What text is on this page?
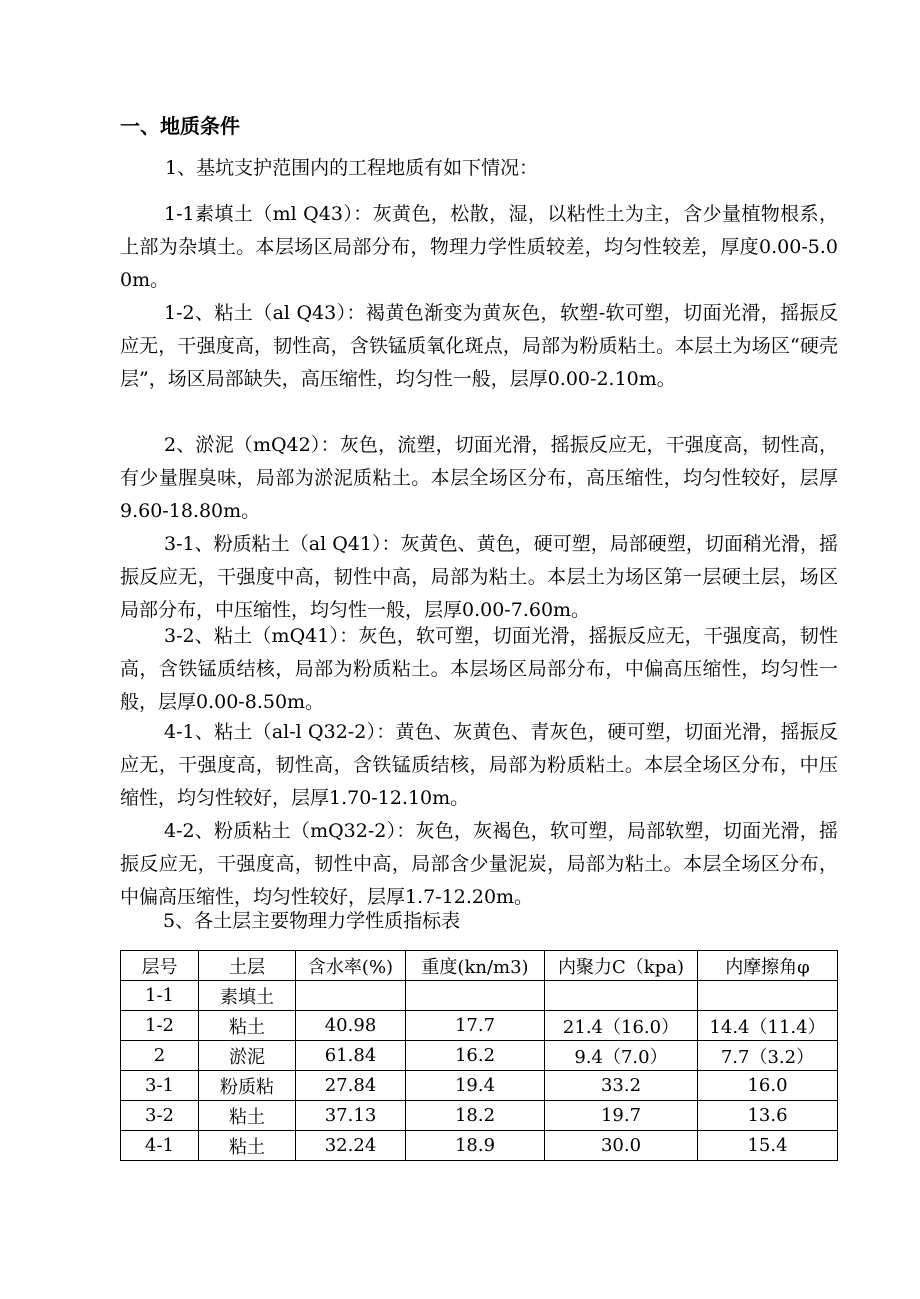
一、地质条件
1、基坑支护范围内的工程地质有如下情况：
1-1素填土（ml Q43）：灰黄色，松散，湿，以粘性土为主，含少量植物根系，上部为杂填土。本层场区局部分布，物理力学性质较差，均匀性较差，厚度0.00-5.00m。
1-2、粘土（al Q43）：褐黄色渐变为黄灰色，软塑-软可塑，切面光滑，摇振反应无，干强度高，韧性高，含铁锰质氧化斑点，局部为粉质粘土。本层土为场区“硬壳层”，场区局部缺失，高压缩性，均匀性一般，层厚0.00-2.10m。
2、淤泥（mQ42）：灰色，流塑，切面光滑，摇振反应无，干强度高，韧性高，有少量腥臭味，局部为淤泥质粘土。本层全场区分布，高压缩性，均匀性较好，层厚9.60-18.80m。
3-1、粉质粘土（al Q41）：灰黄色、黄色，硬可塑，局部硬塑，切面稍光滑，摇振反应无，干强度中高，韧性中高，局部为粘土。本层土为场区第一层硬土层，场区局部分布，中压缩性，均匀性一般，层厚0.00-7.60m。
3-2、粘土（mQ41）：灰色，软可塑，切面光滑，摇振反应无，干强度高，韧性高，含铁锰质结核，局部为粉质粘土。本层场区局部分布，中偏高压缩性，均匀性一般，层厚0.00-8.50m。
4-1、粘土（al-l Q32-2）：黄色、灰黄色、青灰色，硬可塑，切面光滑，摇振反应无，干强度高，韧性高，含铁锰质结核，局部为粉质粘土。本层全场区分布，中压缩性，均匀性较好，层厚1.70-12.10m。
4-2、粉质粘土（mQ32-2）：灰色，灰褐色，软可塑，局部软塑，切面光滑，摇振反应无，干强度高，韧性中高，局部含少量泥炭，局部为粘土。本层全场区分布，中偏高压缩性，均匀性较好，层厚1.7-12.20m。
5、各土层主要物理力学性质指标表
层号	土层	含水率(%)	重度(kn/m3)	内聚力C（kpa)	内摩擦角φ
1-1	素填土				
1-2	粘土	40.98	17.7	21.4（16.0）	14.4（11.4）
2	淤泥	61.84	16.2	9.4（7.0）	7.7（3.2）
3-1	粉质粘	27.84	19.4	33.2	16.0
3-2	粘土	37.13	18.2	19.7	13.6
4-1	粘土	32.24	18.9	30.0	15.4
